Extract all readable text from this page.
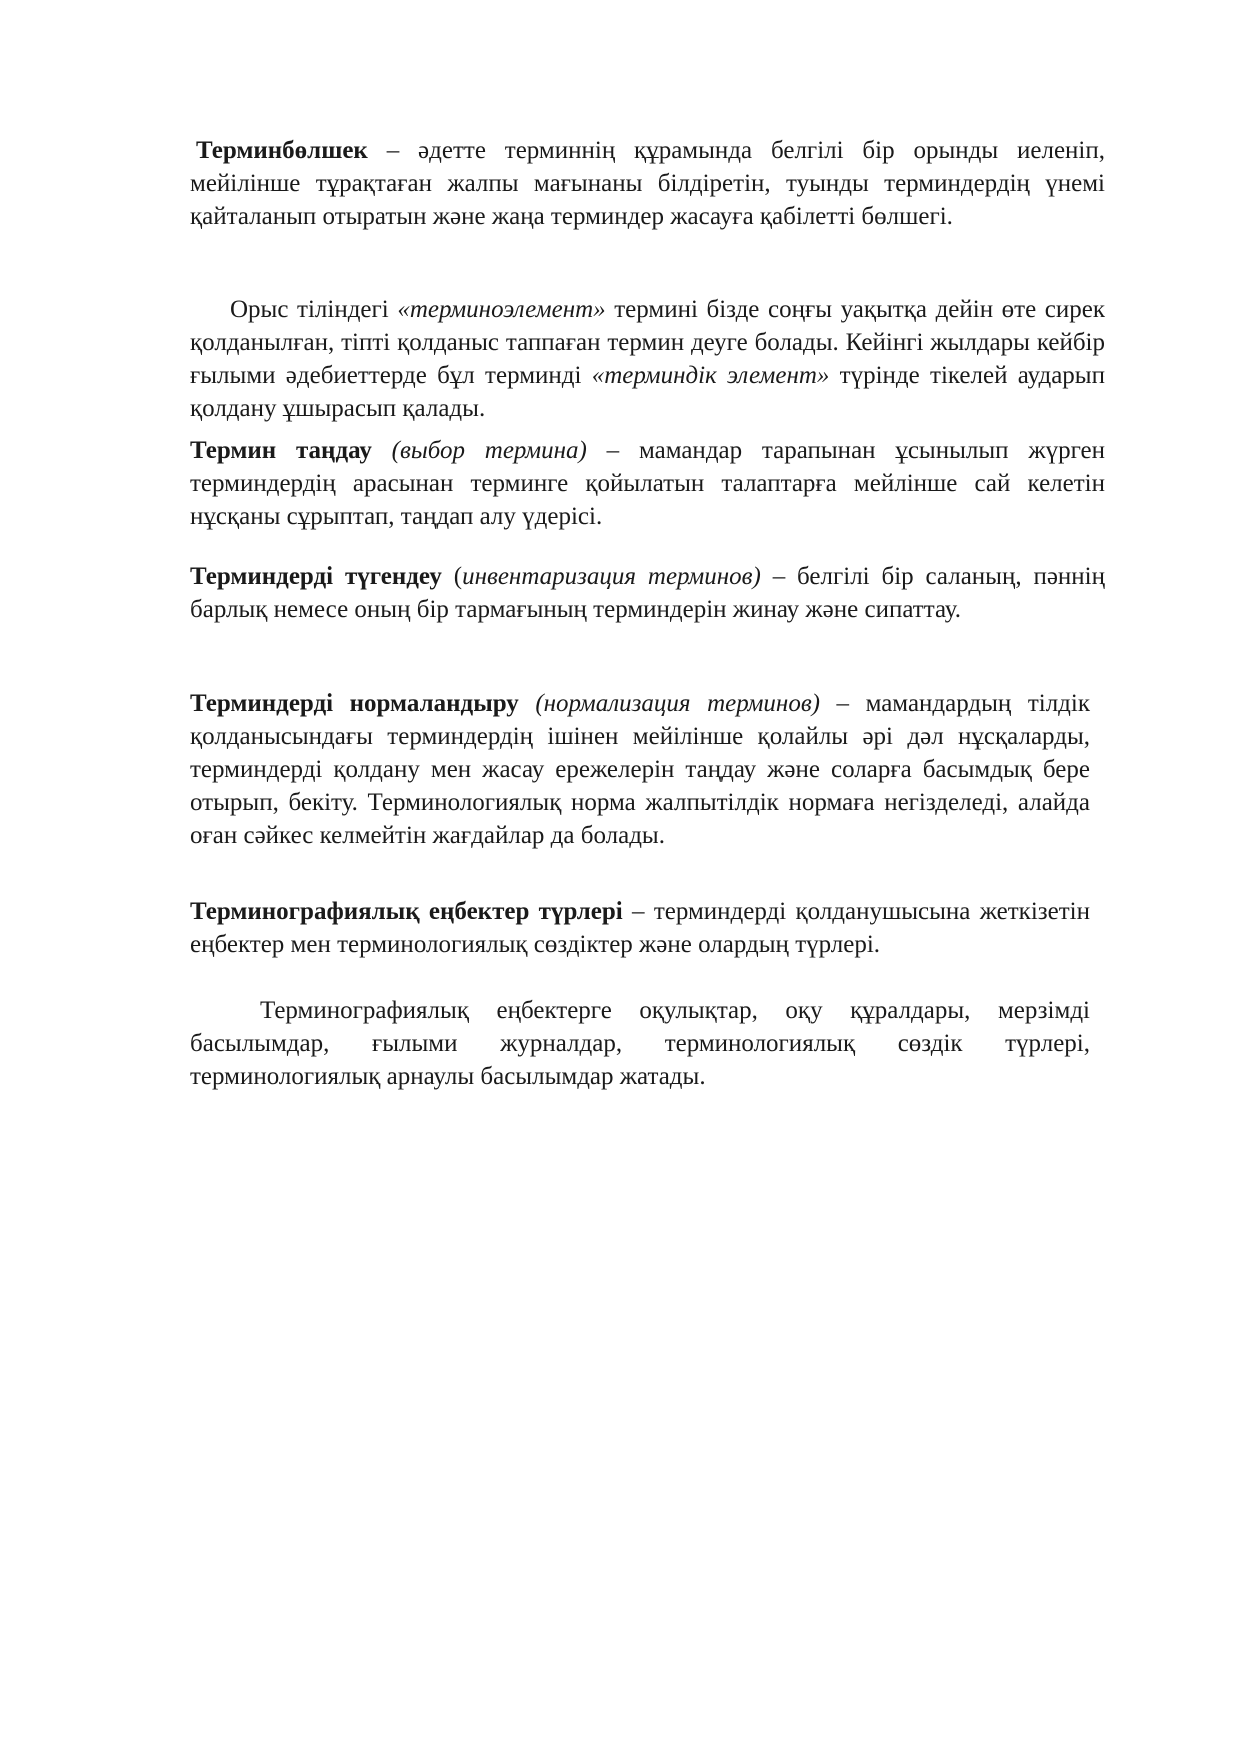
Терминбөлшек – әдетте терминнің құрамында белгілі бір орынды иеленіп, мейілінше тұрақтаған жалпы мағынаны білдіретін, туынды терминдердің үнемі қайталанып отыратын және жаңа терминдер жасауға қабілетті бөлшегі.

Орыс тіліндегі «терминоэлемент» термині бізде соңғы уақытқа дейін өте сирек қолданылған, тіпті қолданыс таппаған термин деуге болады. Кейінгі жылдары кейбір ғылыми әдебиеттерде бұл терминді «терминдік элемент» түрінде тікелей аударып қолдану ұшырасып қалады.

Термин таңдау (выбор термина) – мамандар тарапынан ұсынылып жүрген терминдердің арасынан терминге қойылатын талаптарға мейлінше сай келетін нұсқаны сұрыптап, таңдап алу үдерісі.

Терминдерді түгендеу (инвентаризация терминов) – белгілі бір саланың, пәннің барлық немесе оның бір тармағының терминдерін жинау және сипаттау.

Терминдерді нормаландыру (нормализация терминов) – мамандардың тілдік қолданысындағы терминдердің ішінен мейілінше қолайлы әрі дәл нұсқаларды, терминдерді қолдану мен жасау ережелерін таңдау және соларға басымдық бере отырып, бекіту. Терминологиялық норма жалпытілдік нормаға негізделеді, алайда оған сәйкес келмейтін жағдайлар да болады.

Терминографиялық еңбектер түрлері – терминдерді қолданушысына жеткізетін еңбектер мен терминологиялық сөздіктер және олардың түрлері.

Терминографиялық еңбектерге оқулықтар, оқу құралдары, мерзімді басылымдар, ғылыми журналдар, терминологиялық сөздік түрлері, терминологиялық арнаулы басылымдар жатады.
